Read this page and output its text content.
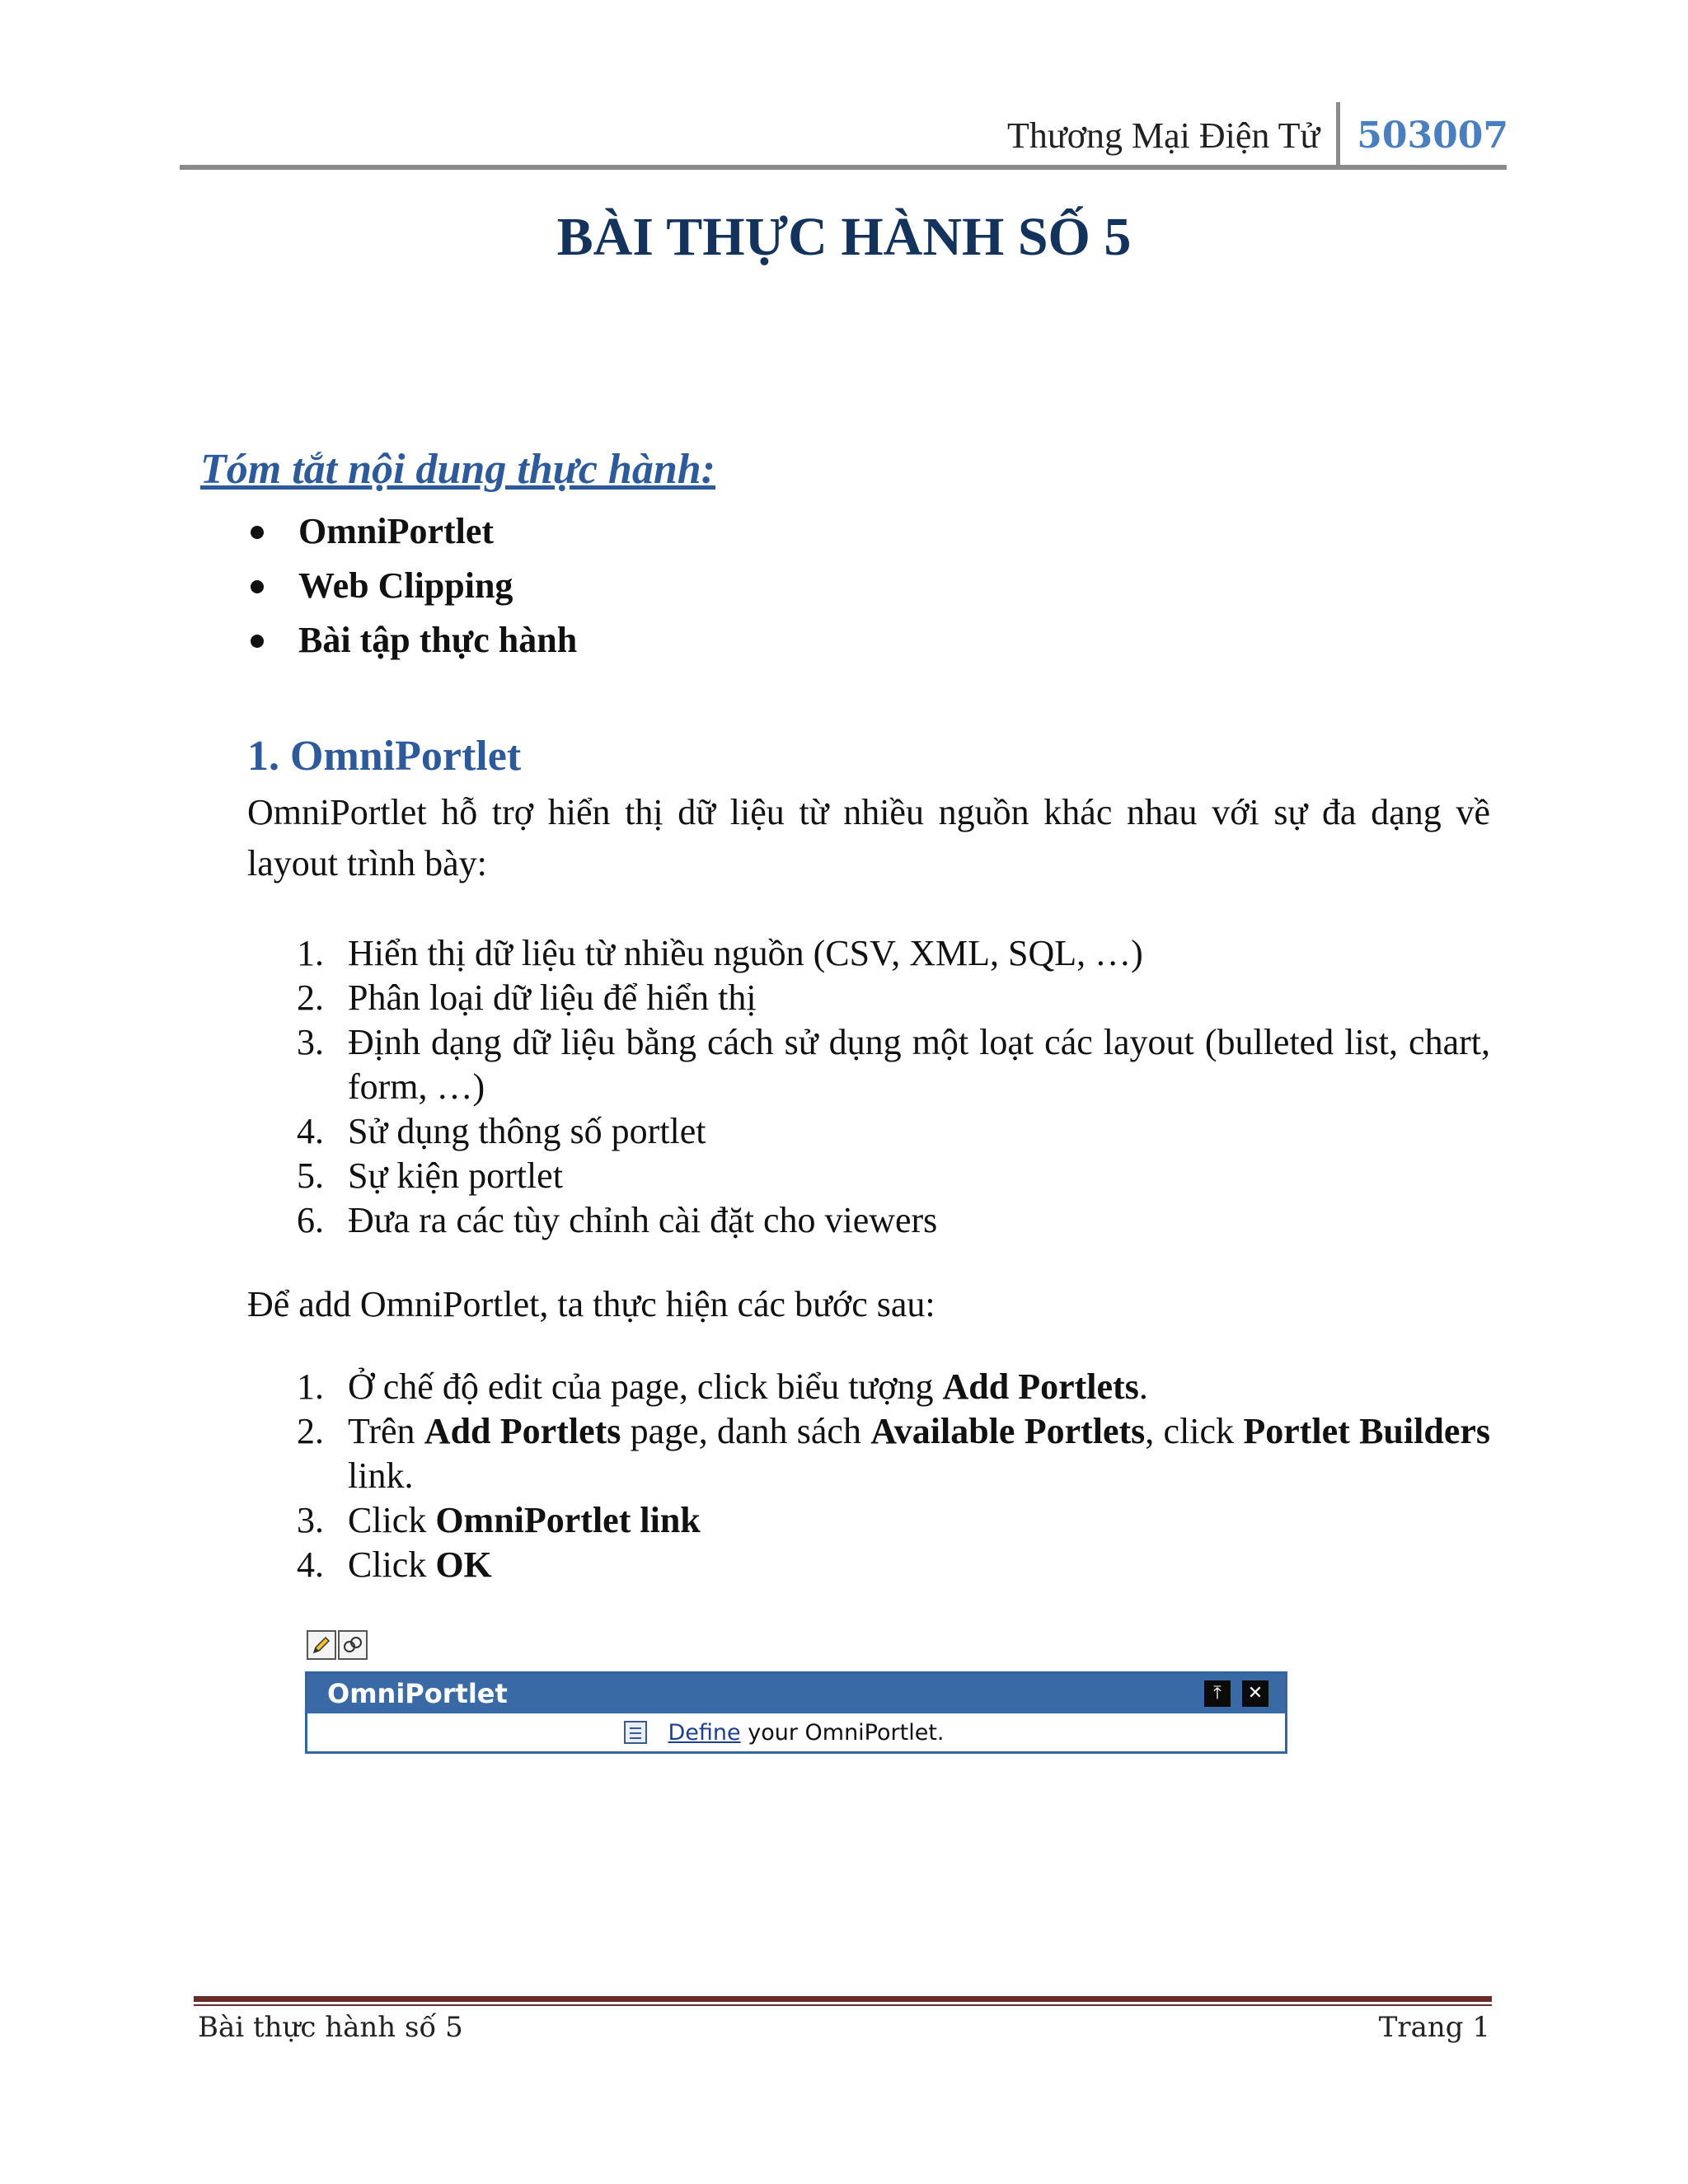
Thương Mại Điện Tử	503007
BÀI THỰC HÀNH SỐ 5
Tóm tắt nội dung thực hành:
OmniPortlet
Web Clipping
Bài tập thực hành
1. OmniPortlet

OmniPortlet hỗ trợ hiển thị dữ liệu từ nhiều nguồn khác nhau với sự đa dạng về layout trình bày:

1. Hiển thị dữ liệu từ nhiều nguồn (CSV, XML, SQL, …)
2. Phân loại dữ liệu để hiển thị
3. Định dạng dữ liệu bằng cách sử dụng một loạt các layout (bulleted list, chart, form, …)
4. Sử dụng thông số portlet
5. Sự kiện portlet
6. Đưa ra các tùy chỉnh cài đặt cho viewers

Để add OmniPortlet, ta thực hiện các bước sau:

1. Ở chế độ edit của page, click biểu tượng Add Portlets.
2. Trên Add Portlets page, danh sách Available Portlets, click Portlet Builders link.
3. Click OmniPortlet link
4. Click OK
OmniPortlet	⤒	✕
Define your OmniPortlet.
Bài thực hành số 5	Trang 1
